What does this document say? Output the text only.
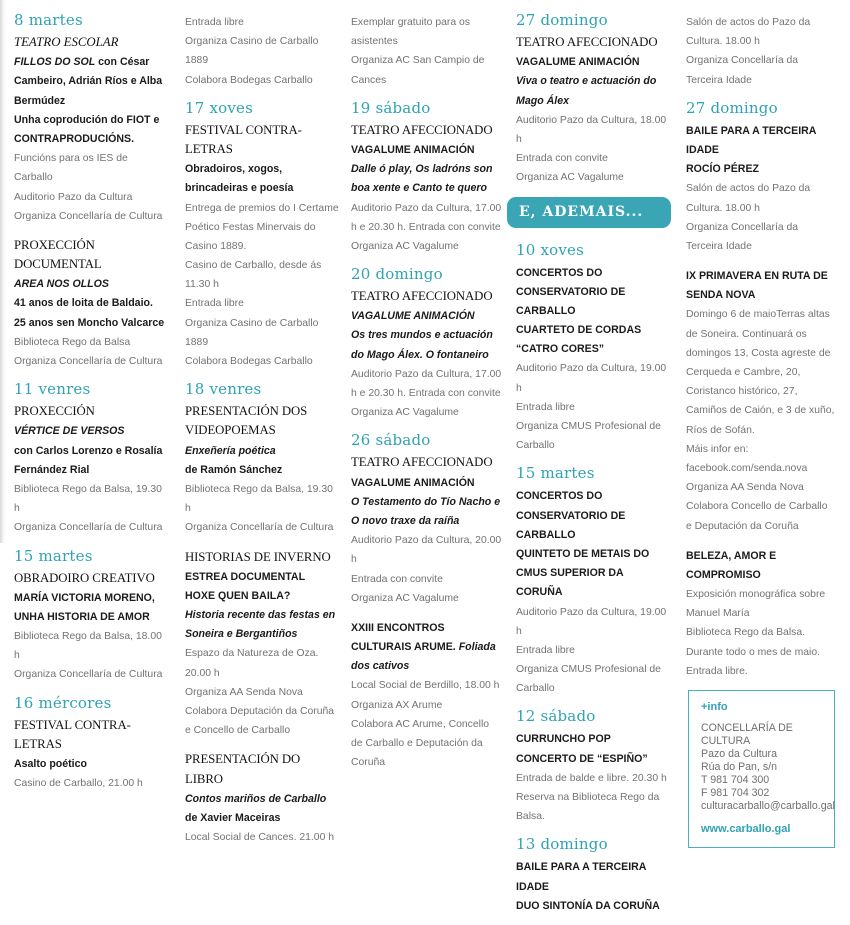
8 martes
TEATRO ESCOLAR
FILLOS DO SOL con César Cambeiro, Adrián Ríos e Alba Bermúdez
Unha coprodución do FIOT e CONTRAPRODUCIÓNS.
Funcións para os IES de Carballo
Auditorio Pazo da Cultura
Organiza Concellaría de Cultura
PROXECCIÓN DOCUMENTAL
AREA NOS OLLOS
41 anos de loita de Baldaio. 25 anos sen Moncho Valcarce
Biblioteca Rego da Balsa
Organiza Concellaría de Cultura
11 venres
PROXECCIÓN
VÉRTICE DE VERSOS
con Carlos Lorenzo e Rosalía Fernández Rial
Biblioteca Rego da Balsa, 19.30 h
Organiza Concellaría de Cultura
15 martes
OBRADOIRO CREATIVO
MARÍA VICTORIA MORENO, UNHA HISTORIA DE AMOR
Biblioteca Rego da Balsa, 18.00 h
Organiza Concellaría de Cultura
16 mércores
FESTIVAL CONTRA-LETRAS
Asalto poético
Casino de Carballo, 21.00 h
Entrada libre
Organiza Casino de Carballo 1889
Colabora Bodegas Carballo
17 xoves
FESTIVAL CONTRA-LETRAS
Obradoiros, xogos, brincadeiras e poesía
Entrega de premios do I Certame Poético Festas Minervais do Casino 1889.
Casino de Carballo, desde ás 11.30 h
Entrada libre
Organiza Casino de Carballo 1889
Colabora Bodegas Carballo
18 venres
PRESENTACIÓN DOS VIDEOPOEMAS
Enxeñería poética
de Ramón Sánchez
Biblioteca Rego da Balsa, 19.30 h
Organiza Concellaría de Cultura
HISTORIAS DE INVERNO
ESTREA DOCUMENTAL
HOXE QUEN BAILA?
Historia recente das festas en Soneira e Bergantiños
Espazo da Natureza de Oza. 20.00 h
Organiza AA Senda Nova
Colabora Deputación da Coruña e Concello de Carballo
PRESENTACIÓN DO LIBRO
Contos mariños de Carballo
de Xavier Maceiras
Local Social de Cances. 21.00 h
Exemplar gratuito para os asistentes
Organiza AC San Campio de Cances
19 sábado
TEATRO AFECCIONADO
VAGALUME ANIMACIÓN
Dalle ó play, Os ladróns son boa xente e Canto te quero
Auditorio Pazo da Cultura, 17.00 h e 20.30 h. Entrada con convite
Organiza AC Vagalume
20 domingo
TEATRO AFECCIONADO
VAGALUME ANIMACIÓN
Os tres mundos e actuación do Mago Álex. O fontaneiro
Auditorio Pazo da Cultura, 17.00 h e 20.30 h. Entrada con convite
Organiza AC Vagalume
26 sábado
TEATRO AFECCIONADO
VAGALUME ANIMACIÓN
O Testamento do Tío Nacho e O novo traxe da raíña
Auditorio Pazo da Cultura, 20.00 h
Entrada con convite
Organiza AC Vagalume
XXIII ENCONTROS CULTURAIS ARUME. Foliada dos cativos
Local Social de Berdillo, 18.00 h
Organiza AX Arume
Colabora AC Arume, Concello de Carballo e Deputación da Coruña
27 domingo
TEATRO AFECCIONADO
VAGALUME ANIMACIÓN
Viva o teatro e actuación do Mago Álex
Auditorio Pazo da Cultura, 18.00 h
Entrada con convite
Organiza AC Vagalume
E, ADEMAIS...
10 xoves
CONCERTOS DO CONSERVATORIO DE CARBALLO
CUARTETO DE CORDAS “CATRO CORES”
Auditorio Pazo da Cultura, 19.00 h
Entrada libre
Organiza CMUS Profesional de Carballo
15 martes
CONCERTOS DO CONSERVATORIO DE CARBALLO
QUINTETO DE METAIS DO CMUS SUPERIOR DA CORUÑA
Auditorio Pazo da Cultura, 19.00 h
Entrada libre
Organiza CMUS Profesional de Carballo
12 sábado
CURRUNCHO POP
CONCERTO DE “ESPIÑO”
Entrada de balde e libre. 20.30 h
Reserva na Biblioteca Rego da Balsa.
13 domingo
BAILE PARA A TERCEIRA IDADE
DUO SINTONÍA DA CORUÑA
Salón de actos do Pazo da Cultura. 18.00 h
Organiza Concellaría da Terceira Idade
27 domingo
BAILE PARA A TERCEIRA IDADE
ROCÍO PÉREZ
Salón de actos do Pazo da Cultura. 18.00 h
Organiza Concellaría da Terceira Idade
IX PRIMAVERA EN RUTA DE SENDA NOVA
Domingo 6 de maioTerras altas de Soneira. Continuará os domingos 13, Costa agreste de Cerqueda e Cambre, 20, Coristanco histórico, 27, Camiños de Caión, e 3 de xuño, Ríos de Sofán.
Máis infor en:
facebook.com/senda.nova
Organiza AA Senda Nova
Colabora Concello de Carballo e Deputación da Coruña
BELEZA, AMOR E COMPROMISO
Exposición monográfica sobre Manuel María
Biblioteca Rego da Balsa. Durante todo o mes de maio. Entrada libre.
+info
CONCELLARÍA DE CULTURA
Pazo da Cultura
Rúa do Pan, s/n
T 981 704 300
F 981 704 302
culturacarballo@carballo.gal
www.carballo.gal
